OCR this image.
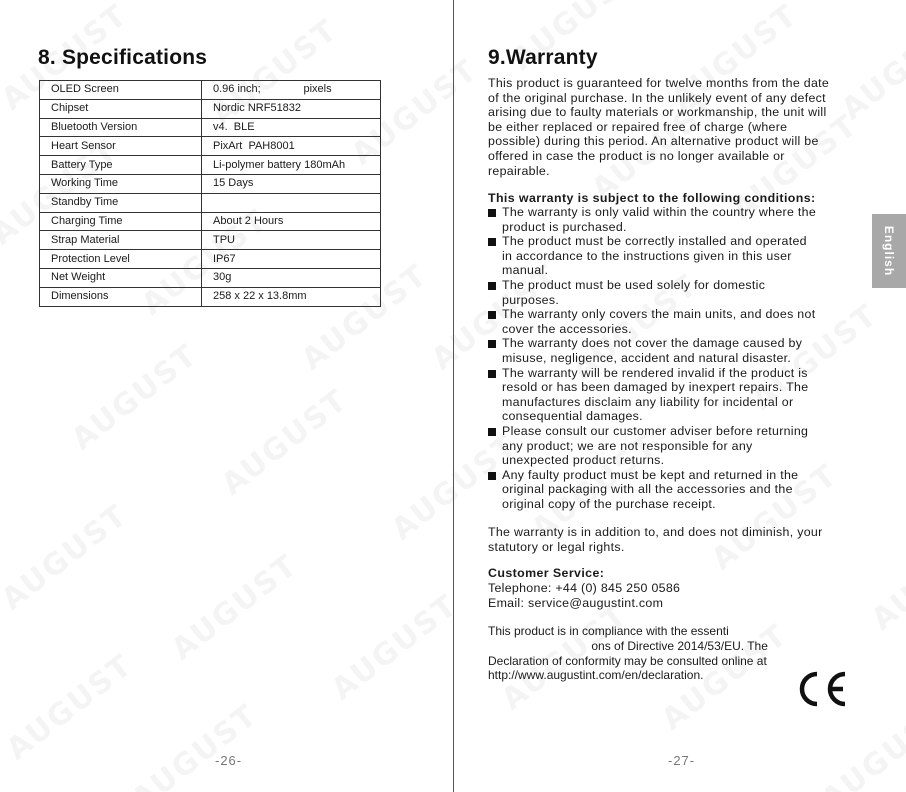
8. Specifications
OLED Screen	0.96 inch;              pixels
Chipset	Nordic NRF51832
Bluetooth Version	v4.  BLE
Heart Sensor	PixArt  PAH8001
Battery Type	Li-polymer battery 180mAh
Working Time	15 Days
Standby Time	
Charging Time	About 2 Hours
Strap Material	TPU
Protection Level	IP67
Net Weight	30g
Dimensions	258 x 22 x 13.8mm
-26-
9.Warranty
This product is guaranteed for twelve months from the date
of the original purchase. In the unlikely event of any defect
arising due to faulty materials or workmanship, the unit will
be either replaced or repaired free of charge (where
possible) during this period. An alternative product will be
offered in case the product is no longer available or
repairable.

This warranty is subject to the following conditions:

The warranty is only valid within the country where the
product is purchased.
The product must be correctly installed and operated
in accordance to the instructions given in this user
manual.
The product must be used solely for domestic
purposes.
The warranty only covers the main units, and does not
cover the accessories.
The warranty does not cover the damage caused by
misuse, negligence, accident and natural disaster.
The warranty will be rendered invalid if the product is
resold or has been damaged by inexpert repairs. The
manufactures disclaim any liability for incidental or
consequential damages.
Please consult our customer adviser before returning
any product; we are not responsible for any
unexpected product returns.
Any faulty product must be kept and returned in the
original packaging with all the accessories and the
original copy of the purchase receipt.
The warranty is in addition to, and does not diminish, your
statutory or legal rights.

Customer Service:

Telephone: +44 (0) 845 250 0586

Email: service@augustint.com

This product is in compliance with the essenti
ons of Directive 2014/53/EU. The
Declaration of conformity may be consulted online at
http://www.augustint.com/en/declaration.
-27-
English
